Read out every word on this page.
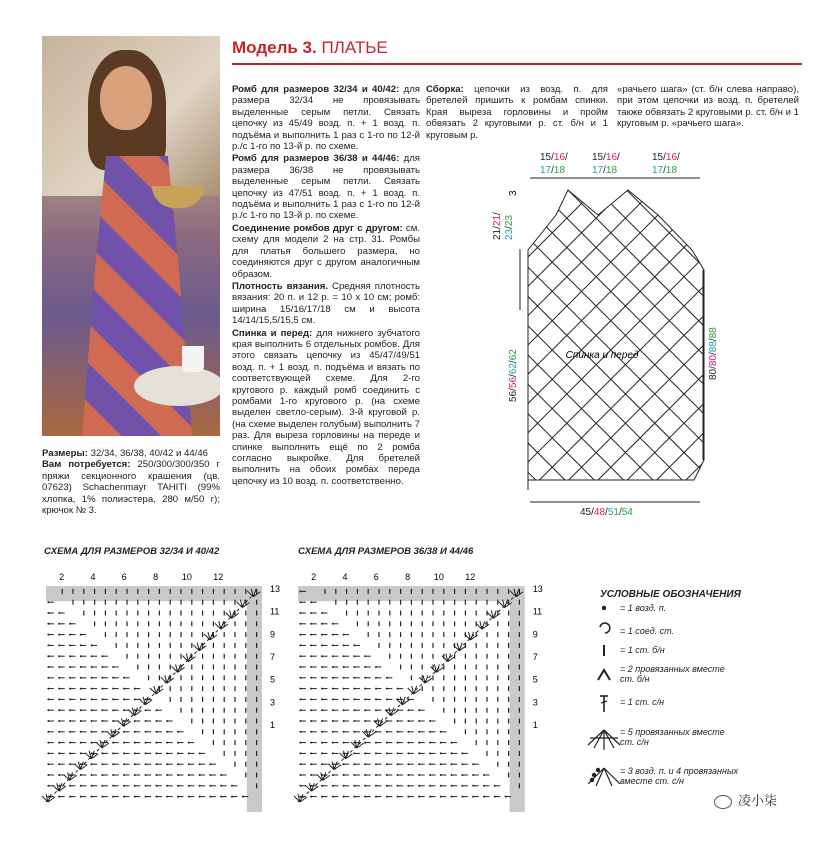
Модель 3. ПЛАТЬЕ

Ромб для размеров 32/34 и 40/42: для размера 32/34 не провязывать выделенные серым петли. Связать цепочку из 45/49 возд. п. + 1 возд. п. подъёма и выполнить 1 раз с 1-го по 12-й р./с 1-го по 13-й р. по схеме.

Ромб для размеров 36/38 и 44/46: для размера 36/38 не провязывать выделенные серым петли. Связать цепочку из 47/51 возд. п. + 1 возд. п. подъёма и выполнить 1 раз с 1-го по 12-й р./с 1-го по 13-й р. по схеме.

Соединение ромбов друг с другом: см. схему для модели 2 на стр. 31. Ромбы для платья большего размера, но соединяются друг с другом аналогичным образом.

Плотность вязания. Средняя плотность вязания: 20 п. и 12 р. = 10 х 10 см; ромб: ширина 15/16/17/18 см и высота 14/14/15,5/15,5 см.

Спинка и перед: для нижнего зубчатого края выполнить 6 отдельных ромбов. Для этого связать цепочку из 45/47/49/51 возд. п. + 1 возд. п. подъёма и вязать по соответствующей схеме. Для 2-го кругового р. каждый ромб соединить с ромбами 1-го кругового р. (на схеме выделен светло-серым). 3-й круговой р. (на схеме выделен голубым) выполнить 7 раз. Для выреза горловины на переде и спинке выполнить ещё по 2 ромба согласно выкройке. Для бретелей выполнить на обоих ромбах переда цепочку из 10 возд. п. соответственно.

Сборка: цепочки из возд. п. для бретелей пришить к ромбам спинки. Края выреза горловины и пройм обвязать 2 круговыми р. ст. б/н и 1 круговым р.

«рачьего шага» (ст. б/н слева направо), при этом цепочки из возд. п. бретелей также обвязать 2 круговыми р. ст. б/н и 1 круговым р. «рачьего шага».

Размеры: 32/34, 36/38, 40/42 и 44/46

Вам потребуется: 250/300/300/350 г пряжи секционного крашения (цв. 07623) Schachenmayr TAHITI (99% хлопка, 1% полиэстера, 280 м/50 г); крючок № 3.

Спинка и перед
15/16/
17/18
15/16/
17/18
15/16/
17/18
21/21/
23/23
3
56/56/62/62
80/80/88/88
45/48/51/54
СХЕМА ДЛЯ РАЗМЕРОВ 32/34 И 40/42	СХЕМА ДЛЯ РАЗМЕРОВ 36/38 И 44/46
2	4	6	8	10 12
13
11
9
7
5
3
1
2	4	6	8	10 12
13
11
9
7
5
3
1
УСЛОВНЫЕ ОБОЗНАЧЕНИЯ
= 1 возд. п.
= 1 соед. ст.
= 1 ст. б/н
= 2 провязанных вместе ст. б/н
= 1 ст. с/н
= 5 провязанных вместе ст. с/н
= 3 возд. п. и 4 провязанных вместе ст. с/н
凌小柒
